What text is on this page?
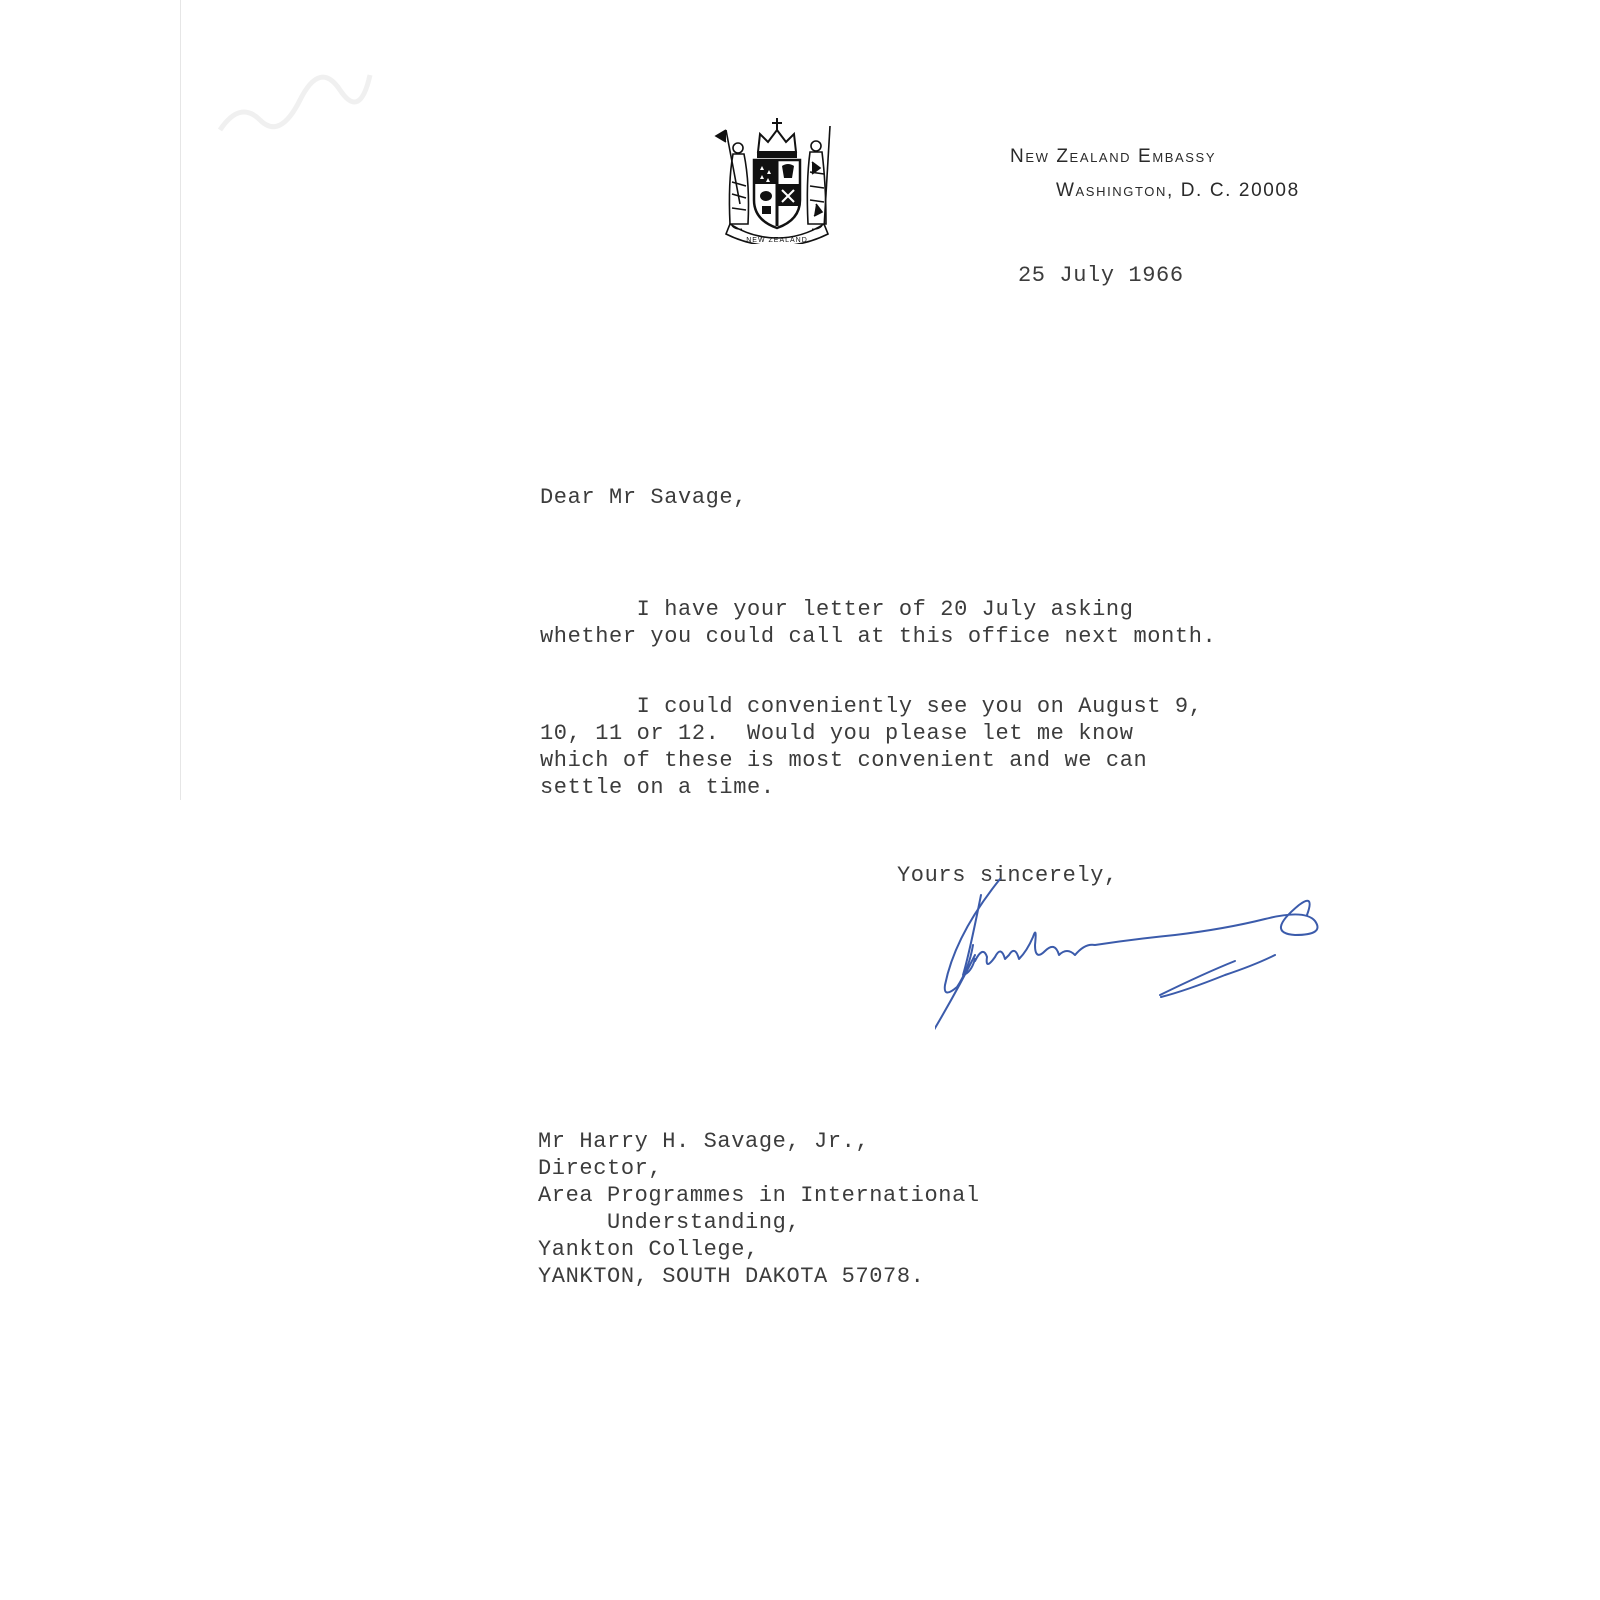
NEW ZEALAND
New Zealand Embassy
Washington, D. C. 20008
25 July 1966
Dear Mr Savage,
I have your letter of 20 July asking
whether you could call at this office next month.
I could conveniently see you on August 9,
10, 11 or 12.  Would you please let me know
which of these is most convenient and we can
settle on a time.
Yours sincerely,
Mr Harry H. Savage, Jr.,
Director,
Area Programmes in International
Understanding,
Yankton College,
YANKTON, SOUTH DAKOTA 57078.
